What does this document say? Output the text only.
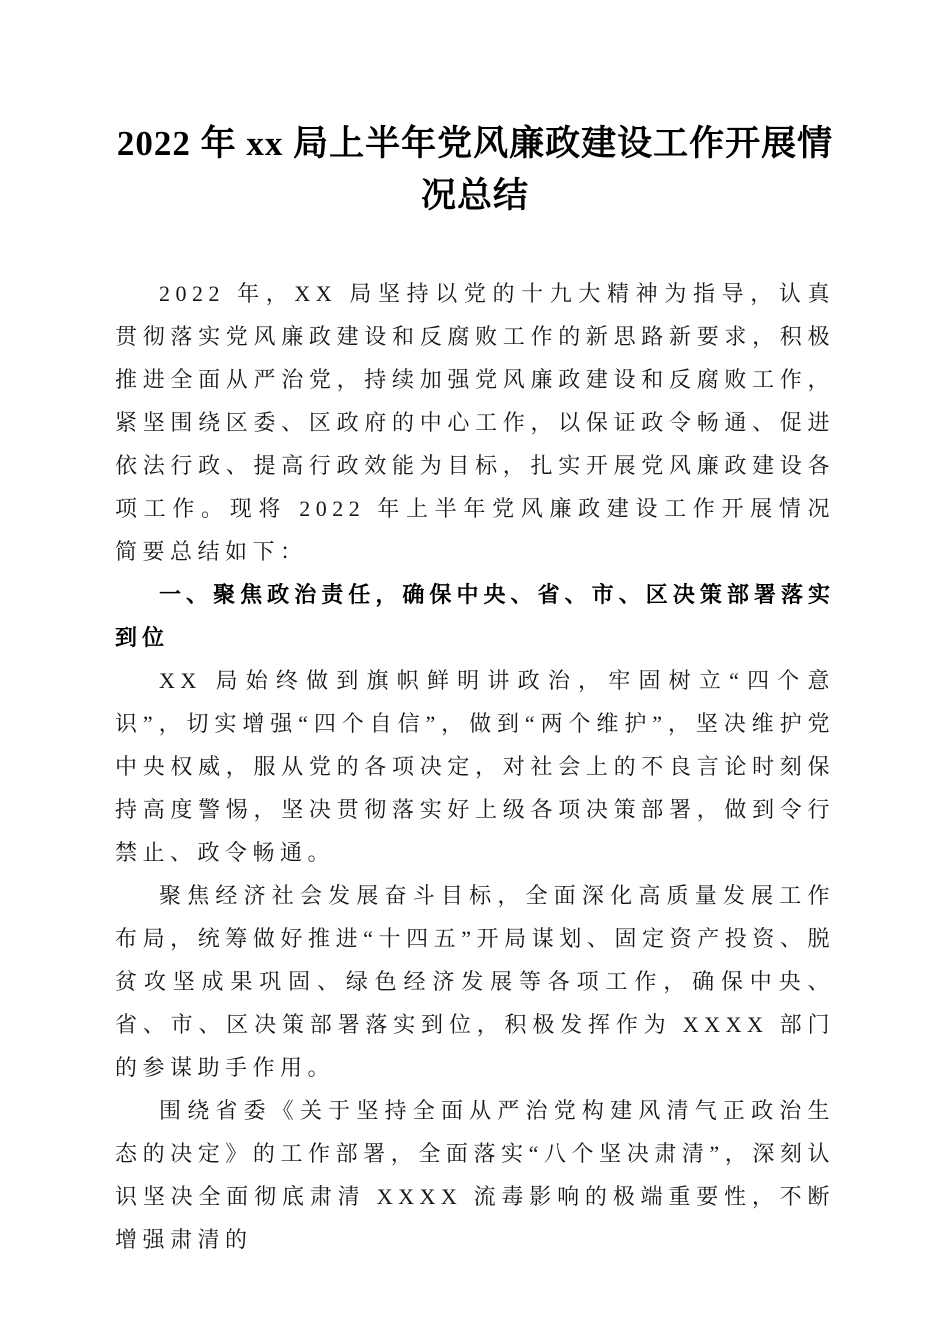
2022 年 xx 局上半年党风廉政建设工作开展情况总结

2022 年，XX 局坚持以党的十九大精神为指导，认真贯彻落实党风廉政建设和反腐败工作的新思路新要求，积极推进全面从严治党，持续加强党风廉政建设和反腐败工作，紧坚围绕区委、区政府的中心工作，以保证政令畅通、促进依法行政、提高行政效能为目标，扎实开展党风廉政建设各项工作。现将 2022 年上半年党风廉政建设工作开展情况简要总结如下：

一、聚焦政治责任，确保中央、省、市、区决策部署落实到位

XX 局始终做到旗帜鲜明讲政治，牢固树立“四个意识”，切实增强“四个自信”，做到“两个维护”，坚决维护党中央权威，服从党的各项决定，对社会上的不良言论时刻保持高度警惕，坚决贯彻落实好上级各项决策部署，做到令行禁止、政令畅通。

聚焦经济社会发展奋斗目标，全面深化高质量发展工作布局，统筹做好推进“十四五”开局谋划、固定资产投资、脱贫攻坚成果巩固、绿色经济发展等各项工作，确保中央、省、市、区决策部署落实到位，积极发挥作为 XXXX 部门的参谋助手作用。

围绕省委《关于坚持全面从严治党构建风清气正政治生态的决定》的工作部署，全面落实“八个坚决肃清”，深刻认识坚决全面彻底肃清 XXXX 流毒影响的极端重要性，不断增强肃清的
